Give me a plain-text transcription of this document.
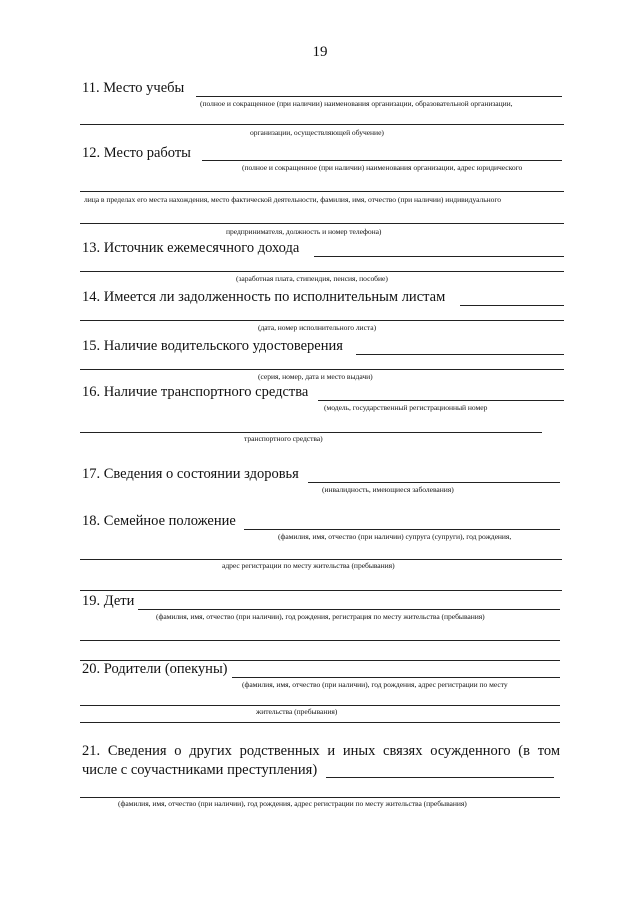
19
11. Место учебы
(полное и сокращенное (при наличии) наименования организации, образовательной организации,
организации, осуществляющей обучение)
12. Место работы
(полное и сокращенное (при наличии) наименования организации, адрес юридического
лица в пределах его места нахождения, место фактической деятельности, фамилия, имя, отчество (при наличии) индивидуального
предпринимателя, должность и номер телефона)
13. Источник ежемесячного дохода
(заработная плата, стипендия, пенсия, пособие)
14. Имеется ли задолженность по исполнительным листам
(дата, номер исполнительного листа)
15. Наличие водительского удостоверения
(серия, номер, дата и место выдачи)
16. Наличие транспортного средства
(модель, государственный регистрационный номер
транспортного средства)
17. Сведения о состоянии здоровья
(инвалидность, имеющиеся заболевания)
18. Семейное положение
(фамилия, имя, отчество (при наличии) супруга (супруги), год рождения,
адрес регистрации по месту жительства (пребывания)
19. Дети
(фамилия, имя, отчество (при наличии), год рождения, регистрация по месту жительства (пребывания)
20. Родители (опекуны)
(фамилия, имя, отчество (при наличии), год рождения, адрес регистрации по месту
жительства (пребывания)
21. Сведения о других родственных и иных связях осужденного (в том
числе с соучастниками преступления)
(фамилия, имя, отчество (при наличии), год рождения, адрес регистрации по месту жительства (пребывания)
